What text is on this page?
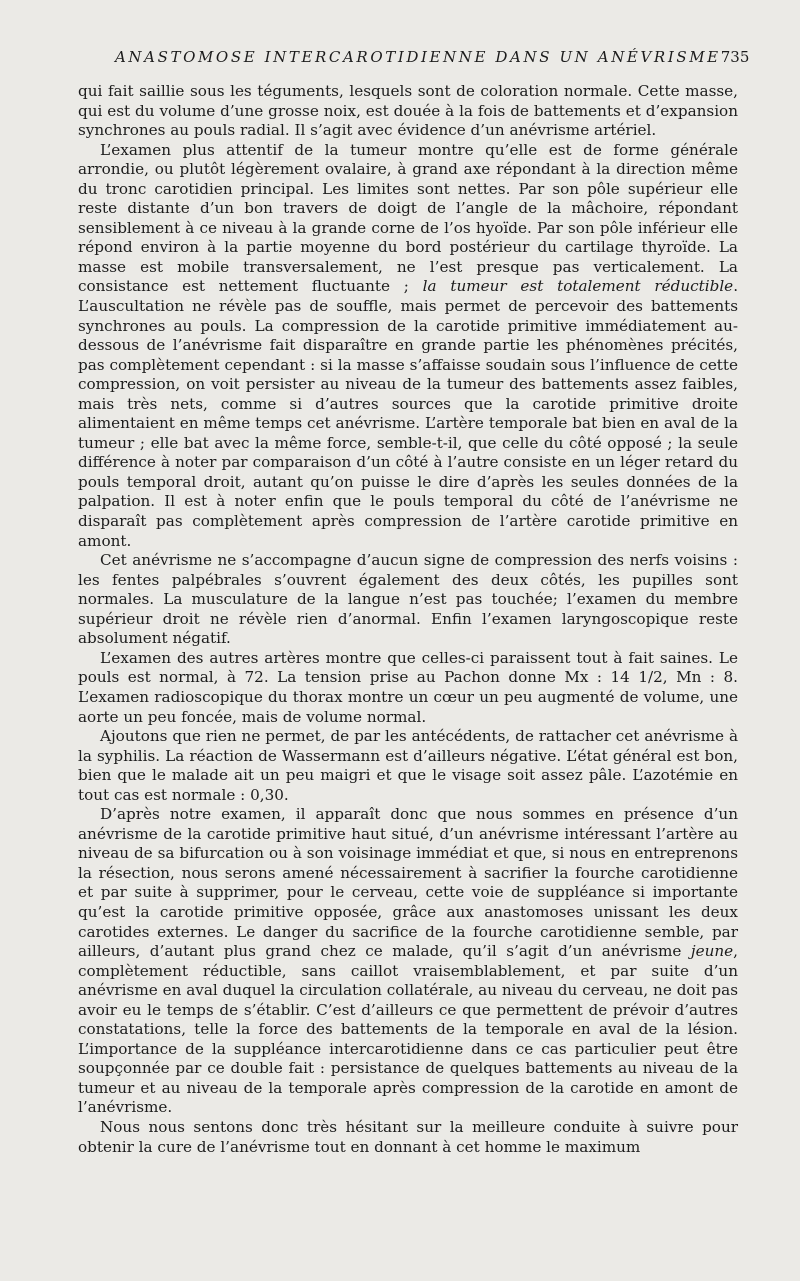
ANASTOMOSE INTERCAROTIDIENNE DANS UN ANÉVRISME 735

qui fait saillie sous les téguments, lesquels sont de coloration normale. Cette masse, qui est du volume d’une grosse noix, est douée à la fois de battements et d’expansion synchrones au pouls radial. Il s’agit avec évidence d’un anévrisme artériel.

L’examen plus attentif de la tumeur montre qu’elle est de forme générale arrondie, ou plutôt légèrement ovalaire, à grand axe répondant à la direction même du tronc carotidien principal. Les limites sont nettes. Par son pôle supérieur elle reste distante d’un bon travers de doigt de l’angle de la mâchoire, répondant sensiblement à ce niveau à la grande corne de l’os hyoïde. Par son pôle inférieur elle répond environ à la partie moyenne du bord postérieur du cartilage thyroïde. La masse est mobile transversalement, ne l’est presque pas verticalement. La consistance est nettement fluctuante ; la tumeur est totalement réductible. L’auscultation ne révèle pas de souffle, mais permet de percevoir des battements synchrones au pouls. La compression de la carotide primitive immédiatement au-dessous de l’anévrisme fait disparaître en grande partie les phénomènes précités, pas complètement cependant : si la masse s’affaisse soudain sous l’influence de cette compression, on voit persister au niveau de la tumeur des battements assez faibles, mais très nets, comme si d’autres sources que la carotide primitive droite alimentaient en même temps cet anévrisme. L’artère temporale bat bien en aval de la tumeur ; elle bat avec la même force, semble-t-il, que celle du côté opposé ; la seule différence à noter par comparaison d’un côté à l’autre consiste en un léger retard du pouls temporal droit, autant qu’on puisse le dire d’après les seules données de la palpation. Il est à noter enfin que le pouls temporal du côté de l’anévrisme ne disparaît pas complètement après compression de l’artère carotide primitive en amont.

Cet anévrisme ne s’accompagne d’aucun signe de compression des nerfs voisins : les fentes palpébrales s’ouvrent également des deux côtés, les pupilles sont normales. La musculature de la langue n’est pas touchée; l’examen du membre supérieur droit ne révèle rien d’anormal. Enfin l’examen laryngoscopique reste absolument négatif.

L’examen des autres artères montre que celles-ci paraissent tout à fait saines. Le pouls est normal, à 72. La tension prise au Pachon donne Mx : 14 1/2, Mn : 8. L’examen radioscopique du thorax montre un cœur un peu augmenté de volume, une aorte un peu foncée, mais de volume normal.

Ajoutons que rien ne permet, de par les antécédents, de rattacher cet anévrisme à la syphilis. La réaction de Wassermann est d’ailleurs négative. L’état général est bon, bien que le malade ait un peu maigri et que le visage soit assez pâle. L’azotémie en tout cas est normale : 0,30.

D’après notre examen, il apparaît donc que nous sommes en présence d’un anévrisme de la carotide primitive haut situé, d’un anévrisme intéressant l’artère au niveau de sa bifurcation ou à son voisinage immédiat et que, si nous en entreprenons la résection, nous serons amené nécessairement à sacrifier la fourche carotidienne et par suite à supprimer, pour le cerveau, cette voie de suppléance si importante qu’est la carotide primitive opposée, grâce aux anastomoses unissant les deux carotides externes. Le danger du sacrifice de la fourche carotidienne semble, par ailleurs, d’autant plus grand chez ce malade, qu’il s’agit d’un anévrisme jeune, complètement réductible, sans caillot vraisemblablement, et par suite d’un anévrisme en aval duquel la circulation collatérale, au niveau du cerveau, ne doit pas avoir eu le temps de s’établir. C’est d’ailleurs ce que permettent de prévoir d’autres constatations, telle la force des battements de la temporale en aval de la lésion. L’importance de la suppléance intercarotidienne dans ce cas particulier peut être soupçonnée par ce double fait : persistance de quelques battements au niveau de la tumeur et au niveau de la temporale après compression de la carotide en amont de l’anévrisme.

Nous nous sentons donc très hésitant sur la meilleure conduite à suivre pour obtenir la cure de l’anévrisme tout en donnant à cet homme le maximum
